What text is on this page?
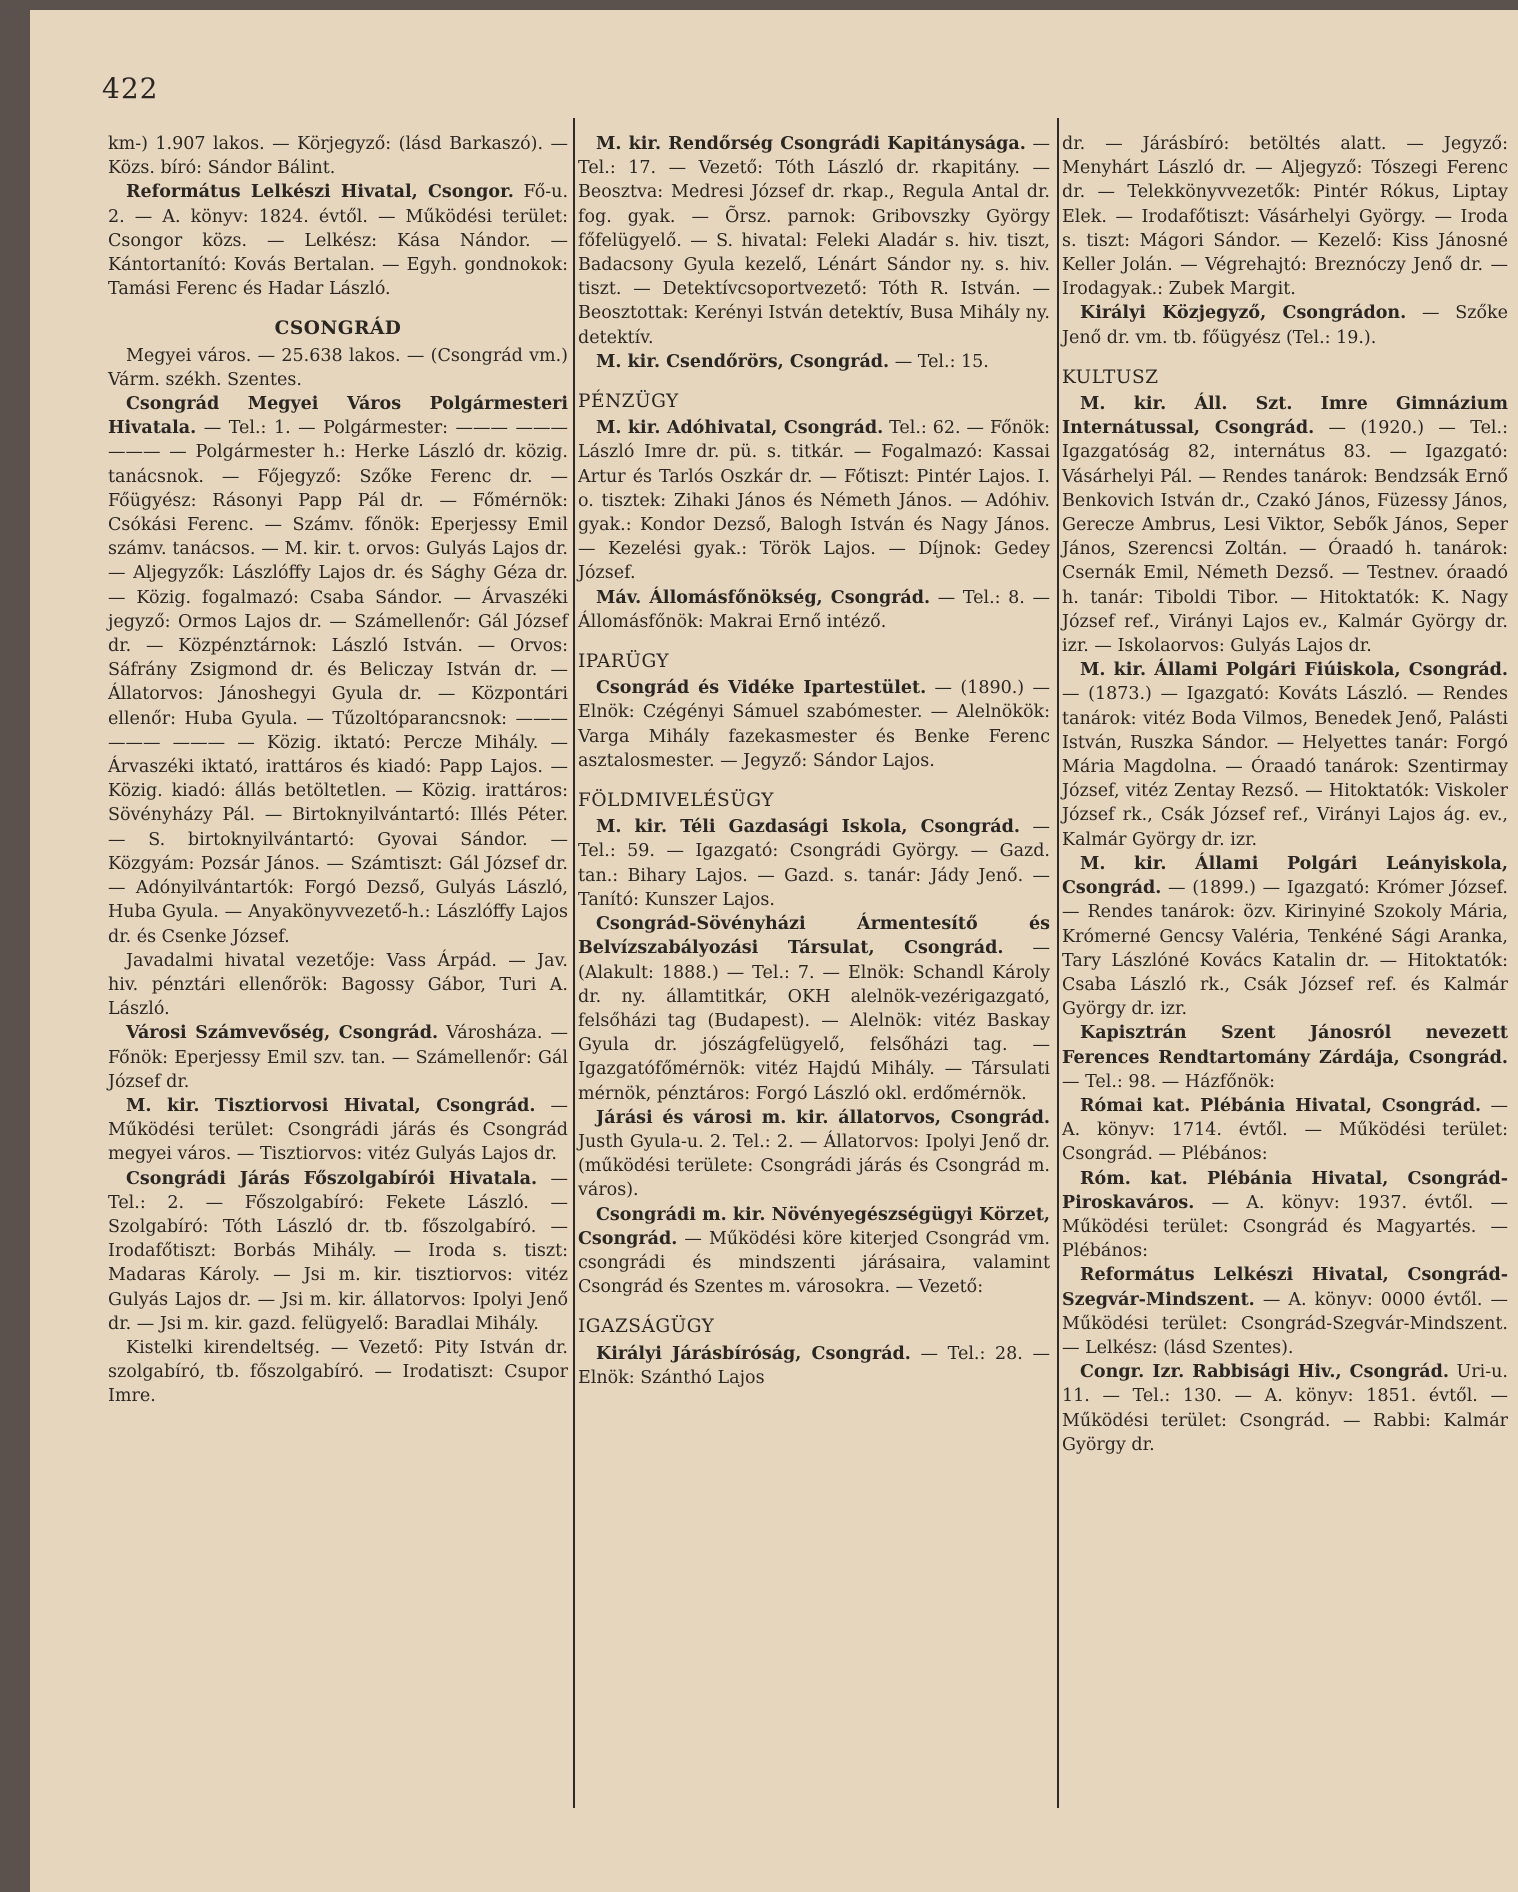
422

km-) 1.907 lakos. — Körjegyző: (lásd Barkaszó). — Közs. bíró: Sándor Bálint.

Református Lelkészi Hivatal, Csongor. Fő-u. 2. — A. könyv: 1824. évtől. — Működési terület: Csongor közs. — Lelkész: Kása Nándor. — Kántortanító: Kovás Bertalan. — Egyh. gondnokok: Tamási Ferenc és Hadar László.

CSONGRÁD

Megyei város. — 25.638 lakos. — (Csongrád vm.) Várm. székh. Szentes.

Csongrád Megyei Város Polgármesteri Hivatala. — Tel.: 1. — Polgármester: ——— ——— ——— — Polgármester h.: Herke László dr. közig. tanácsnok. — Főjegyző: Szőke Ferenc dr. — Főügyész: Rásonyi Papp Pál dr. — Főmérnök: Csókási Ferenc. — Számv. főnök: Eperjessy Emil számv. tanácsos. — M. kir. t. orvos: Gulyás Lajos dr. — Aljegyzők: Lászlóffy Lajos dr. és Sághy Géza dr. — Közig. fogalmazó: Csaba Sándor. — Árvaszéki jegyző: Ormos Lajos dr. — Számellenőr: Gál József dr. — Közpénztárnok: László István. — Orvos: Sáfrány Zsigmond dr. és Beliczay István dr. — Állatorvos: Jánoshegyi Gyula dr. — Központári ellenőr: Huba Gyula. — Tűzoltóparancsnok: ——— ——— ——— — Közig. iktató: Percze Mihály. — Árvaszéki iktató, irattáros és kiadó: Papp Lajos. — Közig. kiadó: állás betöltetlen. — Közig. irattáros: Sövényházy Pál. — Birtoknyilvántartó: Illés Péter. — S. birtoknyilvántartó: Gyovai Sándor. — Közgyám: Pozsár János. — Számtiszt: Gál József dr. — Adónyilvántartók: Forgó Dezső, Gulyás László, Huba Gyula. — Anyakönyvvezető-h.: Lászlóffy Lajos dr. és Csenke József.

Javadalmi hivatal vezetője: Vass Árpád. — Jav. hiv. pénztári ellenőrök: Bagossy Gábor, Turi A. László.

Városi Számvevőség, Csongrád. Városháza. — Főnök: Eperjessy Emil szv. tan. — Számellenőr: Gál József dr.

M. kir. Tisztiorvosi Hivatal, Csongrád. — Működési terület: Csongrádi járás és Csongrád megyei város. — Tisztiorvos: vitéz Gulyás Lajos dr.

Csongrádi Járás Főszolgabírói Hivatala. — Tel.: 2. — Főszolgabíró: Fekete László. — Szolgabíró: Tóth László dr. tb. főszolgabíró. — Irodafőtiszt: Borbás Mihály. — Iroda s. tiszt: Madaras Károly. — Jsi m. kir. tisztiorvos: vitéz Gulyás Lajos dr. — Jsi m. kir. állatorvos: Ipolyi Jenő dr. — Jsi m. kir. gazd. felügyelő: Baradlai Mihály.

Kistelki kirendeltség. — Vezető: Pity István dr. szolgabíró, tb. főszolgabíró. — Irodatiszt: Csupor Imre.

M. kir. Rendőrség Csongrádi Kapitánysága. — Tel.: 17. — Vezető: Tóth László dr. rkapitány. — Beosztva: Medresi József dr. rkap., Regula Antal dr. fog. gyak. — Õrsz. parnok: Gribovszky György főfelügyelő. — S. hivatal: Feleki Aladár s. hiv. tiszt, Badacsony Gyula kezelő, Lénárt Sándor ny. s. hiv. tiszt. — Detektívcsoportvezető: Tóth R. István. — Beosztottak: Kerényi István detektív, Busa Mihály ny. detektív.

M. kir. Csendőrörs, Csongrád. — Tel.: 15.

PÉNZÜGY

M. kir. Adóhivatal, Csongrád. Tel.: 62. — Főnök: László Imre dr. pü. s. titkár. — Fogalmazó: Kassai Artur és Tarlós Oszkár dr. — Főtiszt: Pintér Lajos. I. o. tisztek: Zihaki János és Németh János. — Adóhiv. gyak.: Kondor Dezső, Balogh István és Nagy János. — Kezelési gyak.: Török Lajos. — Díjnok: Gedey József.

Máv. Állomásfőnökség, Csongrád. — Tel.: 8. — Állomásfőnök: Makrai Ernő intéző.

IPARÜGY

Csongrád és Vidéke Ipartestület. — (1890.) — Elnök: Czégényi Sámuel szabómester. — Alelnökök: Varga Mihály fazekasmester és Benke Ferenc asztalosmester. — Jegyző: Sándor Lajos.

FÖLDMIVELÉSÜGY

M. kir. Téli Gazdasági Iskola, Csongrád. — Tel.: 59. — Igazgató: Csongrádi György. — Gazd. tan.: Bihary Lajos. — Gazd. s. tanár: Jády Jenő. — Tanító: Kunszer Lajos.

Csongrád-Sövényházi Ármentesítő és Belvízszabályozási Társulat, Csongrád. — (Alakult: 1888.) — Tel.: 7. — Elnök: Schandl Károly dr. ny. államtitkár, OKH alelnök-vezérigazgató, felsőházi tag (Budapest). — Alelnök: vitéz Baskay Gyula dr. jószágfelügyelő, felsőházi tag. — Igazgatófőmérnök: vitéz Hajdú Mihály. — Társulati mérnök, pénztáros: Forgó László okl. erdőmérnök.

Járási és városi m. kir. állatorvos, Csongrád. Justh Gyula-u. 2. Tel.: 2. — Állatorvos: Ipolyi Jenő dr. (működési területe: Csongrádi járás és Csongrád m. város).

Csongrádi m. kir. Növényegészségügyi Körzet, Csongrád. — Működési köre kiterjed Csongrád vm. csongrádi és mindszenti járásaira, valamint Csongrád és Szentes m. városokra. — Vezető:

IGAZSÁGÜGY

Királyi Járásbíróság, Csongrád. — Tel.: 28. — Elnök: Szánthó Lajos

dr. — Járásbíró: betöltés alatt. — Jegyző: Menyhárt László dr. — Aljegyző: Tószegi Ferenc dr. — Telekkönyvvezetők: Pintér Rókus, Liptay Elek. — Irodafőtiszt: Vásárhelyi György. — Iroda s. tiszt: Mágori Sándor. — Kezelő: Kiss Jánosné Keller Jolán. — Végrehajtó: Breznóczy Jenő dr. — Irodagyak.: Zubek Margit.

Királyi Közjegyző, Csongrádon. — Szőke Jenő dr. vm. tb. főügyész (Tel.: 19.).

KULTUSZ

M. kir. Áll. Szt. Imre Gimnázium Internátussal, Csongrád. — (1920.) — Tel.: Igazgatóság 82, internátus 83. — Igazgató: Vásárhelyi Pál. — Rendes tanárok: Bendzsák Ernő Benkovich István dr., Czakó János, Füzessy János, Gerecze Ambrus, Lesi Viktor, Sebők János, Seper János, Szerencsi Zoltán. — Óraadó h. tanárok: Csernák Emil, Németh Dezső. — Testnev. óraadó h. tanár: Tiboldi Tibor. — Hitoktatók: K. Nagy József ref., Virányi Lajos ev., Kalmár György dr. izr. — Iskolaorvos: Gulyás Lajos dr.

M. kir. Állami Polgári Fiúiskola, Csongrád. — (1873.) — Igazgató: Kováts László. — Rendes tanárok: vitéz Boda Vilmos, Benedek Jenő, Palásti István, Ruszka Sándor. — Helyettes tanár: Forgó Mária Magdolna. — Óraadó tanárok: Szentirmay József, vitéz Zentay Rezső. — Hitoktatók: Viskoler József rk., Csák József ref., Virányi Lajos ág. ev., Kalmár György dr. izr.

M. kir. Állami Polgári Leányiskola, Csongrád. — (1899.) — Igazgató: Krómer József. — Rendes tanárok: özv. Kirinyiné Szokoly Mária, Krómerné Gencsy Valéria, Tenkéné Sági Aranka, Tary Lászlóné Kovács Katalin dr. — Hitoktatók: Csaba László rk., Csák József ref. és Kalmár György dr. izr.

Kapisztrán Szent Jánosról nevezett Ferences Rendtartomány Zárdája, Csongrád. — Tel.: 98. — Házfőnök:

Római kat. Plébánia Hivatal, Csongrád. — A. könyv: 1714. évtől. — Működési terület: Csongrád. — Plébános:

Róm. kat. Plébánia Hivatal, Csongrád-Piroskaváros. — A. könyv: 1937. évtől. — Működési terület: Csongrád és Magyartés. — Plébános:

Református Lelkészi Hivatal, Csongrád-Szegvár-Mindszent. — A. könyv: 0000 évtől. — Működési terület: Csongrád-Szegvár-Mindszent. — Lelkész: (lásd Szentes).

Congr. Izr. Rabbisági Hiv., Csongrád. Uri-u. 11. — Tel.: 130. — A. könyv: 1851. évtől. — Működési terület: Csongrád. — Rabbi: Kalmár György dr.
